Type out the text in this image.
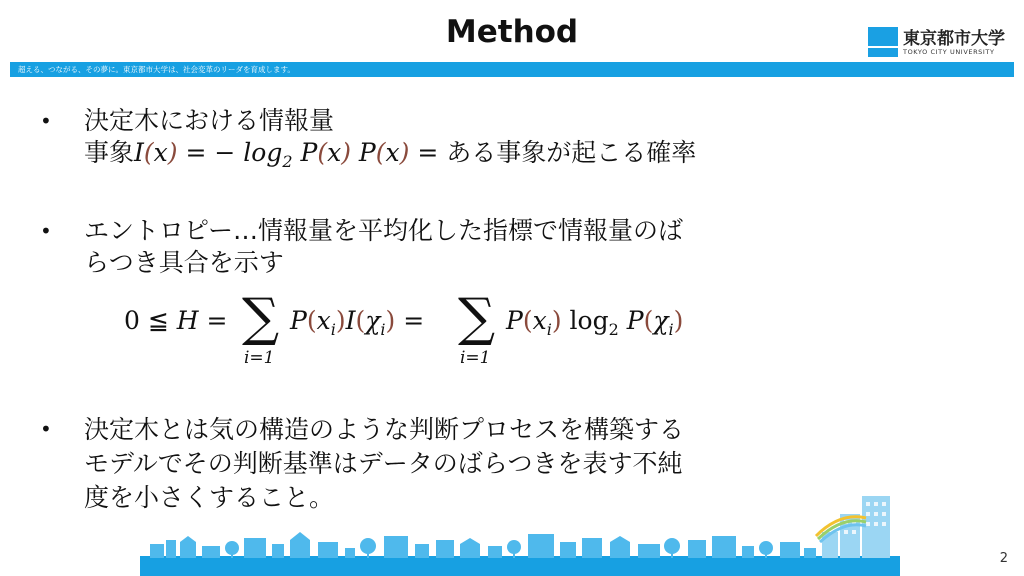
Method	東京都市大学
TOKYO CITY UNIVERSITY
超える、つながる、その夢に。東京都市大学は、社会変革のリーダを育成します。
• 決定木における情報量
事象I(x) = − $\log_2 P(x) P(x)$ = ある事象が起こる確率
• エントロピー…情報量を平均化した指標で情報量のば
らつき具合を示す
• 決定木とは気の構造のような判断プロセスを構築する
モデルでその判断基準はデータのばらつきを表す不純
度を小さくすること。
0 ≦ H = ∑
i=1
$P(x_i)I(\chi_i)$ = ∑
i=1
$P(x_i)$ $\log_2 P(\chi_i)$
2
